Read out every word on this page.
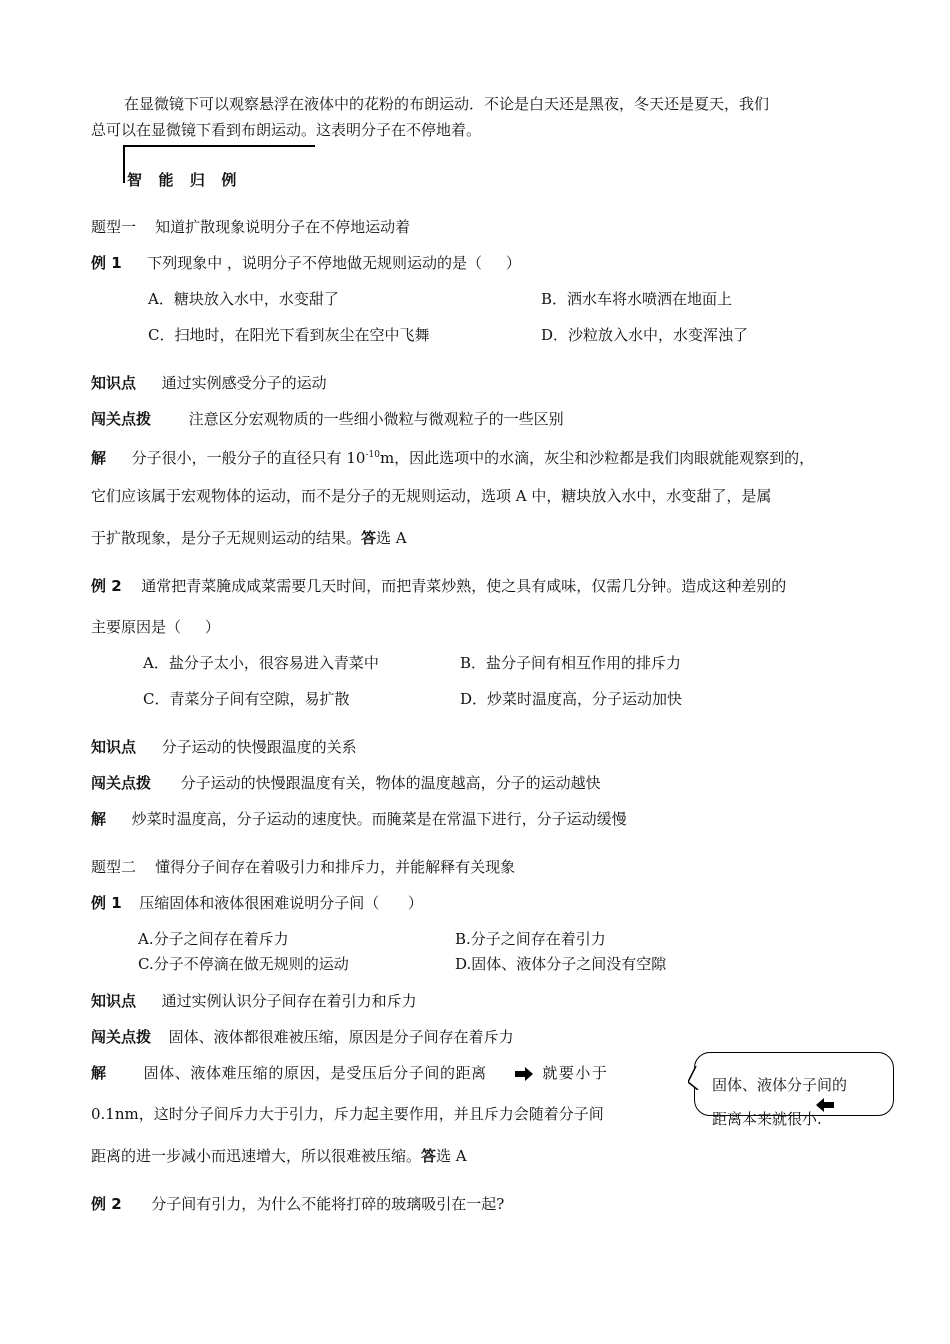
在显微镜下可以观察悬浮在液体中的花粉的布朗运动．不论是白天还是黑夜，冬天还是夏天，我们
总可以在显微镜下看到布朗运动。这表明分子在不停地着。
智  能  归  例
题型一    知道扩散现象说明分子在不停地运动着
例 1 下列现象中 ，说明分子不停地做无规则运动的是（     ）
A．糖块放入水中，水变甜了	B．洒水车将水喷洒在地面上
C．扫地时，在阳光下看到灰尘在空中飞舞	D．沙粒放入水中，水变浑浊了
知识点 通过实例感受分子的运动
闯关点拨	注意区分宏观物质的一些细小微粒与微观粒子的一些区别
解 分子很小，一般分子的直径只有 $10^{-10}m$，因此选项中的水滴，灰尘和沙粒都是我们肉眼就能观察到的，
它们应该属于宏观物体的运动，而不是分子的无规则运动，选项 A 中，糖块放入水中，水变甜了，是属
于扩散现象，是分子无规则运动的结果。答选 A
例 2 通常把青菜腌成咸菜需要几天时间，而把青菜炒熟，使之具有咸味，仅需几分钟。造成这种差别的
主要原因是（     ）
A．盐分子太小，很容易进入青菜中	B．盐分子间有相互作用的排斥力
C．青菜分子间有空隙，易扩散	D．炒菜时温度高，分子运动加快
知识点 分子运动的快慢跟温度的关系
闯关点拨 分子运动的快慢跟温度有关，物体的温度越高，分子的运动越快
解 炒菜时温度高，分子运动的速度快。而腌菜是在常温下进行，分子运动缓慢
题型二    懂得分子间存在着吸引力和排斥力，并能解释有关现象
例 1 压缩固体和液体很困难说明分子间（      ）
A.分子之间存在着斥力	B.分子之间存在着引力
C.分子不停滴在做无规则的运动	D.固体、液体分子之间没有空隙
知识点 通过实例认识分子间存在着引力和斥力
闯关点拨 固体、液体都很难被压缩，原因是分子间存在着斥力
解	固体、液体难压缩的原因，是受压后分子间的距离	就要小于
0.1nm，这时分子间斥力大于引力，斥力起主要作用，并且斥力会随着分子间
距离的进一步减小而迅速增大，所以很难被压缩。答选 A
固体、液体分子间的
距离本来就很小.
例 2 分子间有引力，为什么不能将打碎的玻璃吸引在一起?
